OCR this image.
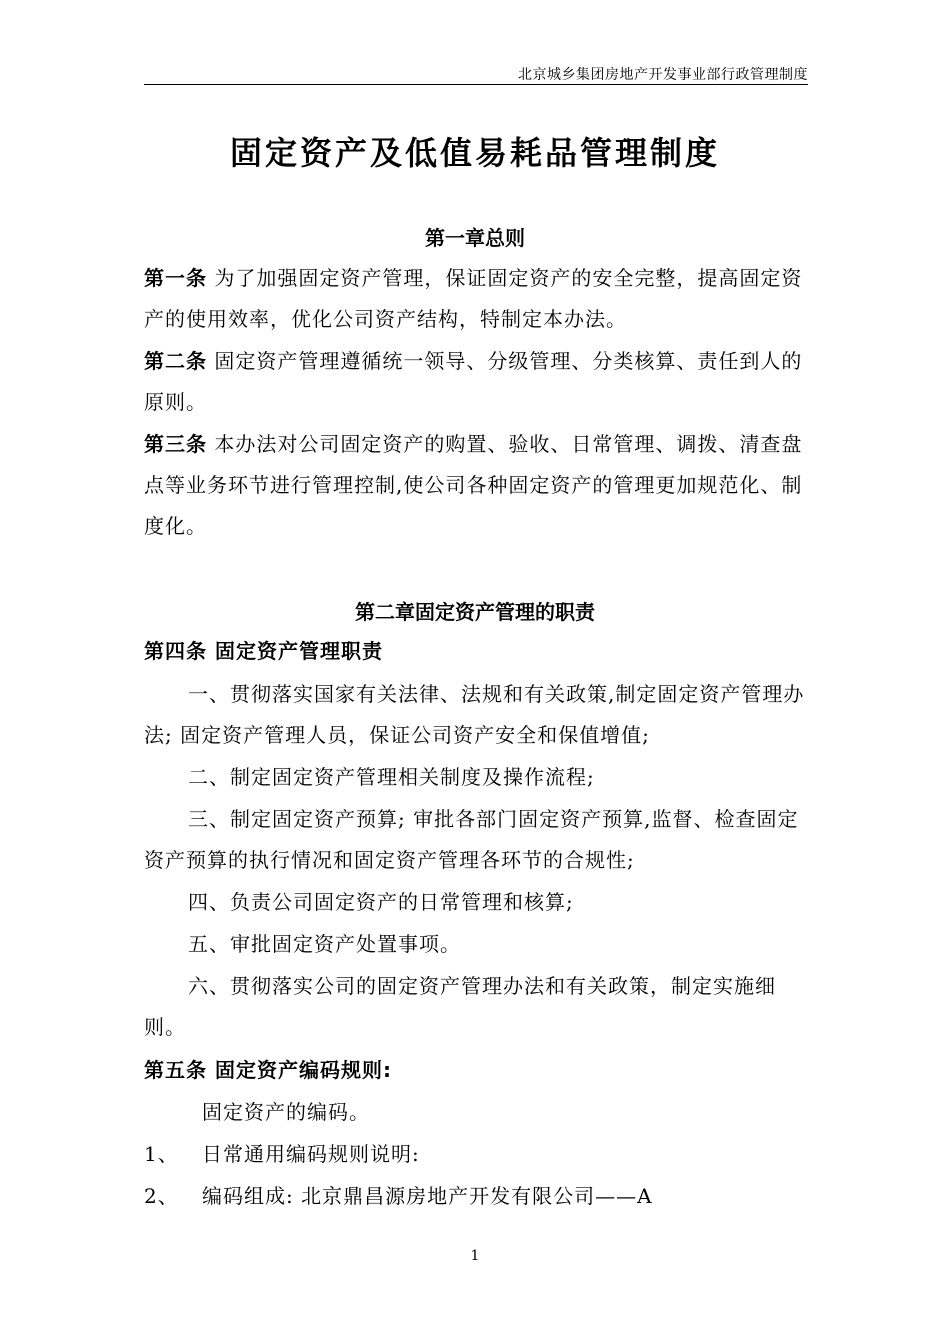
北京城乡集团房地产开发事业部行政管理制度
固定资产及低值易耗品管理制度
第一章总则
第一条 为了加强固定资产管理，保证固定资产的安全完整，提高固定资产的使用效率，优化公司资产结构，特制定本办法。
第二条 固定资产管理遵循统一领导、分级管理、分类核算、责任到人的原则。
第三条 本办法对公司固定资产的购置、验收、日常管理、调拨、清查盘点等业务环节进行管理控制,使公司各种固定资产的管理更加规范化、制度化。
第二章固定资产管理的职责
第四条 固定资产管理职责
一、贯彻落实国家有关法律、法规和有关政策,制定固定资产管理办法; 固定资产管理人员，保证公司资产安全和保值增值;
二、制定固定资产管理相关制度及操作流程;
三、制定固定资产预算; 审批各部门固定资产预算,监督、检查固定资产预算的执行情况和固定资产管理各环节的合规性;
四、负责公司固定资产的日常管理和核算;
五、审批固定资产处置事项。
六、贯彻落实公司的固定资产管理办法和有关政策，制定实施细则。
第五条 固定资产编码规则:
固定资产的编码。
1、 日常通用编码规则说明:
2、 编码组成: 北京鼎昌源房地产开发有限公司——A
1
